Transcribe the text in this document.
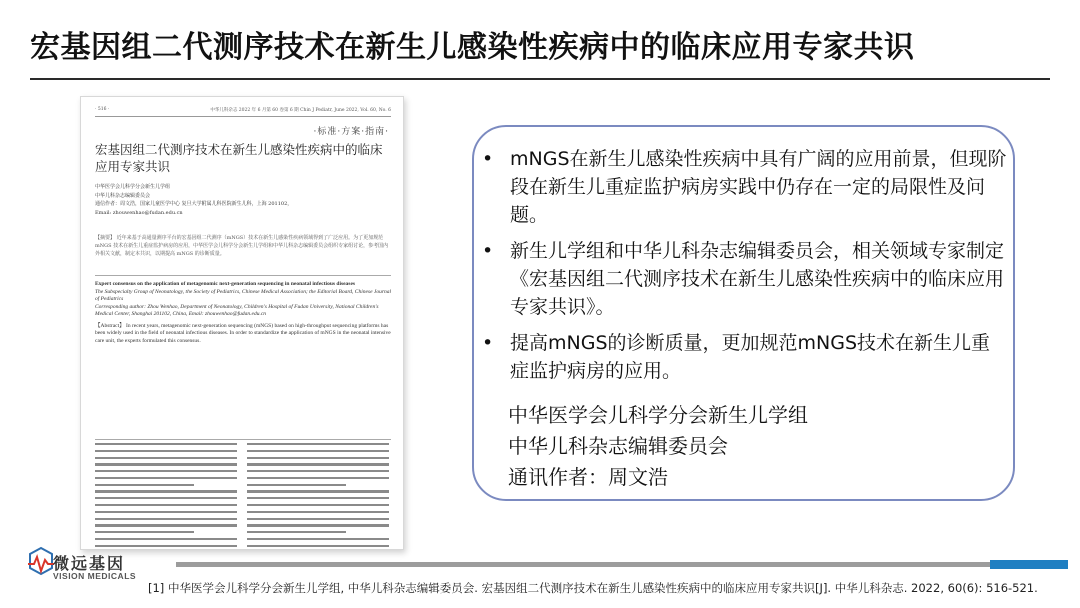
宏基因组二代测序技术在新生儿感染性疾病中的临床应用专家共识
· 516 ·	中华儿科杂志 2022 年 6 月第 60 卷第 6 期 Chin J Pediatr, June 2022, Vol. 60, No. 6
·标准·方案·指南·
宏基因组二代测序技术在新生儿感染性疾病中的临床应用专家共识
中华医学会儿科学分会新生儿学组
中华儿科杂志编辑委员会
通信作者：周文浩，国家儿童医学中心 复旦大学附属儿科医院新生儿科，上海 201102，
Email: zhouwenhao@fudan.edu.cn
【摘要】 近年来基于高通量测序平台的宏基因组二代测序（mNGS）技术在新生儿感染性疾病领域得到了广泛应用。为了更加规范 mNGS 技术在新生儿重症监护病房的应用，中华医学会儿科学分会新生儿学组和中华儿科杂志编辑委员会组织专家组讨论，参考国内外相关文献，制定本共识，以期提高 mNGS 的诊断质量。
Expert consensus on the application of metagenomic next-generation sequencing in neonatal infectious diseases
The Subspecialty Group of Neonatology, the Society of Pediatrics, Chinese Medical Association; the Editorial Board, Chinese Journal of Pediatrics
Corresponding author: Zhou Wenhao, Department of Neonatology, Children's Hospital of Fudan University, National Children's Medical Center, Shanghai 201102, China, Email: zhouwenhao@fudan.edu.cn
【Abstract】 In recent years, metagenomic next-generation sequencing (mNGS) based on high-throughput sequencing platforms has been widely used in the field of neonatal infectious diseases. In order to standardize the application of mNGS in the neonatal intensive care unit, the experts formulated this consensus.
• mNGS在新生儿感染性疾病中具有广阔的应用前景，但现阶段在新生儿重症监护病房实践中仍存在一定的局限性及问题。
• 新生儿学组和中华儿科杂志编辑委员会，相关领域专家制定《宏基因组二代测序技术在新生儿感染性疾病中的临床应用专家共识》。
• 提高mNGS的诊断质量，更加规范mNGS技术在新生儿重症监护病房的应用。
中华医学会儿科学分会新生儿学组
中华儿科杂志编辑委员会
通讯作者：周文浩
微远基因
VISION MEDICALS
[1] 中华医学会儿科学分会新生儿学组, 中华儿科杂志编辑委员会. 宏基因组二代测序技术在新生儿感染性疾病中的临床应用专家共识[J]. 中华儿科杂志. 2022, 60(6): 516-521.
